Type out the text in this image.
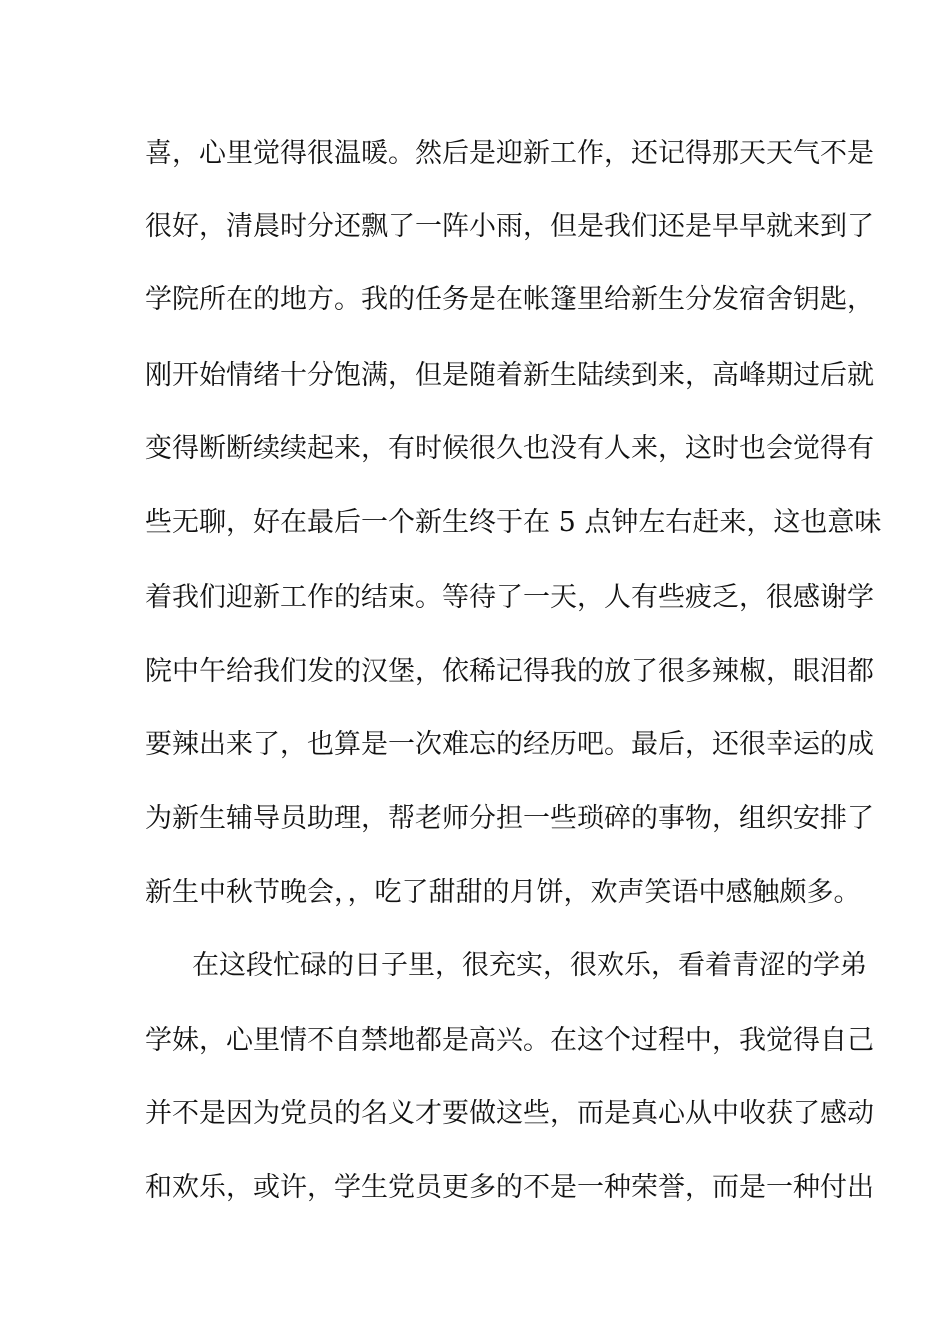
喜，心里觉得很温暖。然后是迎新工作，还记得那天天气不是
很好，清晨时分还飘了一阵小雨，但是我们还是早早就来到了
学院所在的地方。我的任务是在帐篷里给新生分发宿舍钥匙，
刚开始情绪十分饱满，但是随着新生陆续到来，高峰期过后就
变得断断续续起来，有时候很久也没有人来，这时也会觉得有
些无聊，好在最后一个新生终于在 5 点钟左右赶来，这也意味
着我们迎新工作的结束。等待了一天，人有些疲乏，很感谢学
院中午给我们发的汉堡，依稀记得我的放了很多辣椒，眼泪都
要辣出来了，也算是一次难忘的经历吧。最后，还很幸运的成
为新生辅导员助理，帮老师分担一些琐碎的事物，组织安排了
新生中秋节晚会，，吃了甜甜的月饼，欢声笑语中感触颇多。
在这段忙碌的日子里，很充实，很欢乐，看着青涩的学弟
学妹，心里情不自禁地都是高兴。在这个过程中，我觉得自己
并不是因为党员的名义才要做这些，而是真心从中收获了感动
和欢乐，或许，学生党员更多的不是一种荣誉，而是一种付出
